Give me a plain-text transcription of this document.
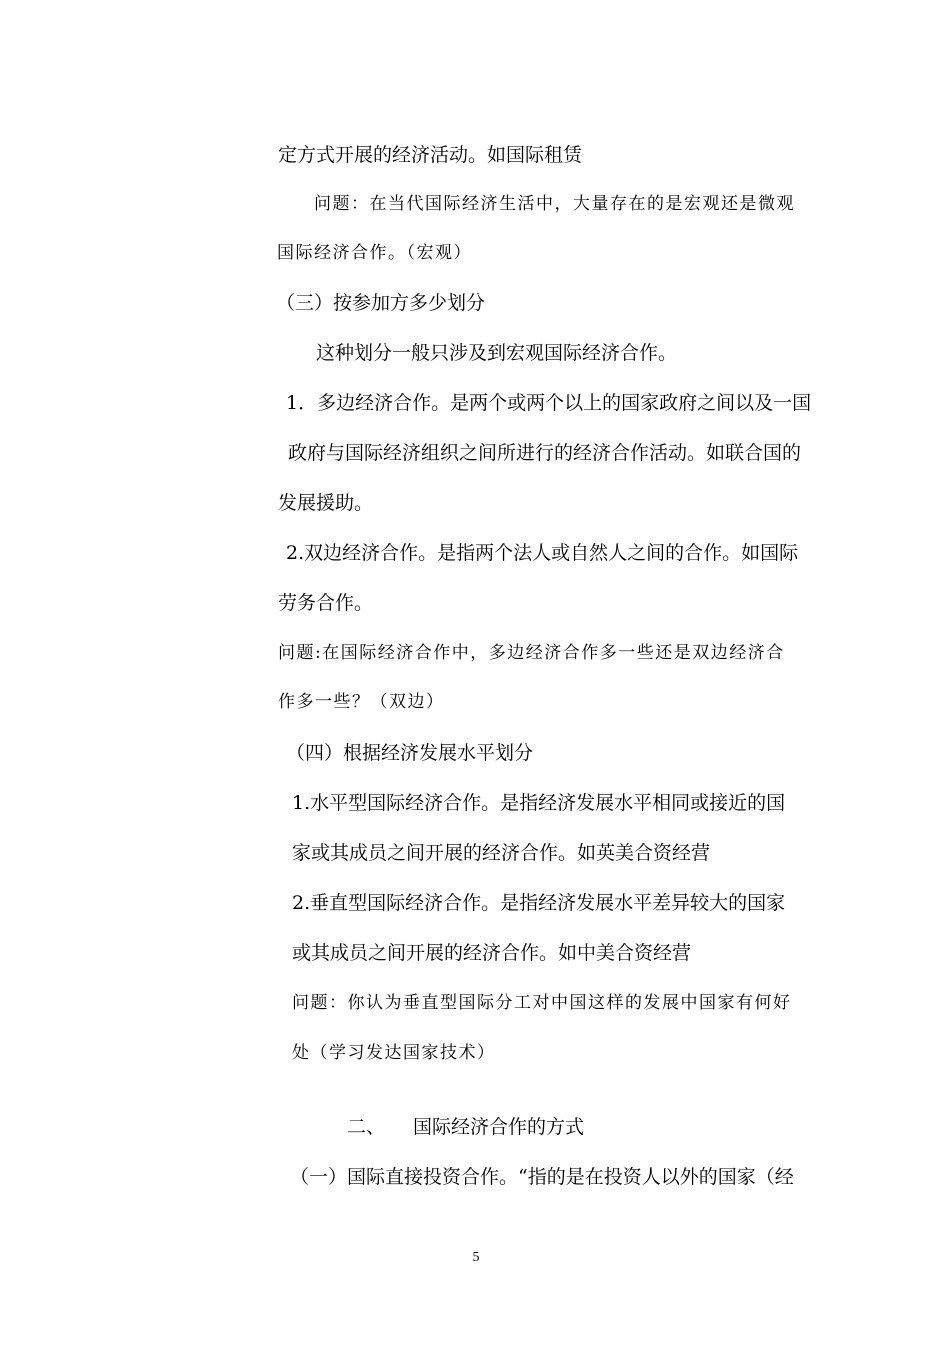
定方式开展的经济活动。如国际租赁
问题：在当代国际经济生活中，大量存在的是宏观还是微观
国际经济合作。（宏观）
（三）按参加方多少划分
这种划分一般只涉及到宏观国际经济合作。
1．多边经济合作。是两个或两个以上的国家政府之间以及一国
政府与国际经济组织之间所进行的经济合作活动。如联合国的
发展援助。
2.双边经济合作。是指两个法人或自然人之间的合作。如国际
劳务合作。
问题:在国际经济合作中，多边经济合作多一些还是双边经济合
作多一些？（双边）
（四）根据经济发展水平划分
1.水平型国际经济合作。是指经济发展水平相同或接近的国
家或其成员之间开展的经济合作。如英美合资经营
2.垂直型国际经济合作。是指经济发展水平差异较大的国家
或其成员之间开展的经济合作。如中美合资经营
问题：你认为垂直型国际分工对中国这样的发展中国家有何好
处（学习发达国家技术）
二、 国际经济合作的方式
（一）国际直接投资合作。“指的是在投资人以外的国家（经
5
